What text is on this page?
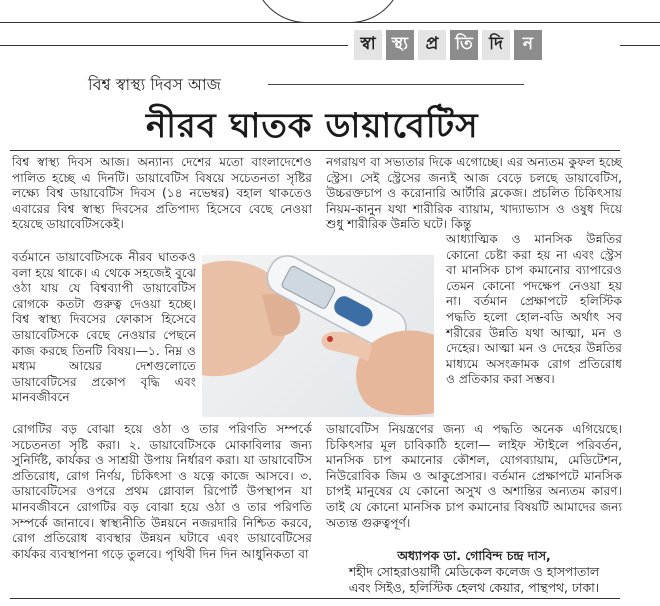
স্বা স্থ্য	প্র তি দি	ন
বিশ্ব স্বাস্থ্য দিবস আজ
নীরব ঘাতক ডায়াবেটিস

বিশ্ব স্বাস্থ্য দিবস আজ। অন্যান্য দেশের মতো বাংলাদেশেও পালিত হচ্ছে এ দিনটি। ডায়াবেটিস বিষয়ে সচেতনতা সৃষ্টির লক্ষ্যে বিশ্ব ডায়াবেটিস দিবস (১৪ নভেম্বর) বহাল থাকতেও এবারের বিশ্ব স্বাস্থ্য দিবসের প্রতিপাদ্য হিসেবে বেছে নেওয়া হয়েছে ডায়াবেটিসকেই।

বর্তমানে ডায়াবেটিসকে নীরব ঘাতকও বলা হয়ে থাকে। এ থেকে সহজেই বুঝে ওঠা যায় যে বিশ্বব্যাপী ডায়াবেটিস রোগকে কতটা গুরুত্ব দেওয়া হচ্ছে। বিশ্ব স্বাস্থ্য দিবসের ফোকাস হিসেবে ডায়াবেটিসকে বেছে নেওয়ার পেছনে কাজ করছে তিনটি বিষয়।—১. নিম্ন ও মধ্যম আয়ের দেশগুলোতে ডায়াবেটিসের প্রকোপ বৃদ্ধি এবং মানবজীবনে

রোগটির বড় বোঝা হয়ে ওঠা ও তার পরিণতি সম্পর্কে সচেতনতা সৃষ্টি করা। ২. ডায়াবেটিসকে মোকাবিলার জন্য সুনির্দিষ্ট, কার্যকর ও সাশ্রয়ী উপায় নির্ধারণ করা। যা ডায়াবেটিস প্রতিরোধ, রোগ নির্ণয়, চিকিৎসা ও যত্নে কাজে আসবে। ৩. ডায়াবেটিসের ওপরে প্রথম গ্লোবাল রিপোর্ট উপস্থাপন যা মানবজীবনে রোগটির বড় বোঝা হয়ে ওঠা ও তার পরিণতি সম্পর্কে জানাবে। স্বাস্থ্যনীতি উন্নয়নে নজরদারি নিশ্চিত করবে, রোগ প্রতিরোধ ব্যবস্থার উন্নয়ন ঘটাবে এবং ডায়াবেটিসের কার্যকর ব্যবস্থাপনা গড়ে তুলবে। পৃথিবী দিন দিন আধুনিকতা বা

নগরায়ণ বা সভ্যতার দিকে এগোচ্ছে। এর অন্যতম কুফল হচ্ছে স্ট্রেস। সেই স্ট্রেসের জন্যই আজ বেড়ে চলছে ডায়াবেটিস, উচ্চরক্তচাপ ও করোনারি আর্টারি ব্লকেজ। প্রচলিত চিকিৎসায় নিয়ম-কানুন যথা শারীরিক ব্যায়াম, খাদ্যাভ্যাস ও ওষুধ দিয়ে শুধু শারীরিক উন্নতি ঘটে। কিন্তু

আধ্যাত্মিক ও মানসিক উন্নতির কোনো চেষ্টা করা হয় না এবং স্ট্রেস বা মানসিক চাপ কমানোর ব্যাপারেও তেমন কোনো পদক্ষেপ নেওয়া হয় না। বর্তমান প্রেক্ষাপটে হলিস্টিক পদ্ধতি হলো হোল-বডি অর্থাৎ সব শরীরের উন্নতি যথা আত্মা, মন ও দেহের। আত্মা মন ও দেহের উন্নতির মাধ্যমে অসংক্রামক রোগ প্রতিরোধ ও প্রতিকার করা সম্ভব।

ডায়াবেটিস নিয়ন্ত্রণের জন্য এ পদ্ধতি অনেক এগিয়েছে। চিকিৎসার মূল চাবিকাঠি হলো— লাইফ স্টাইলে পরিবর্তন, মানসিক চাপ কমানোর কৌশল, যোগব্যায়াম, মেডিটেশন, নিউরোবিক জিম ও আকুপ্রেসার। বর্তমান প্রেক্ষাপটে মানসিক চাপই মানুষের যে কোনো অসুখ ও অশান্তির অন্যতম কারণ। তাই যে কোনো মানসিক চাপ কমানোর বিষয়টি আমাদের জন্য অত্যন্ত গুরুত্বপূর্ণ।

অধ্যাপক ডা. গোবিন্দ চন্দ্র দাস,
শহীদ সোহরাওয়ার্দী মেডিকেল কলেজ ও হাসপাতাল
এবং সিইও, হলিস্টিক হেলথ কেয়ার, পান্থপথ, ঢাকা।
